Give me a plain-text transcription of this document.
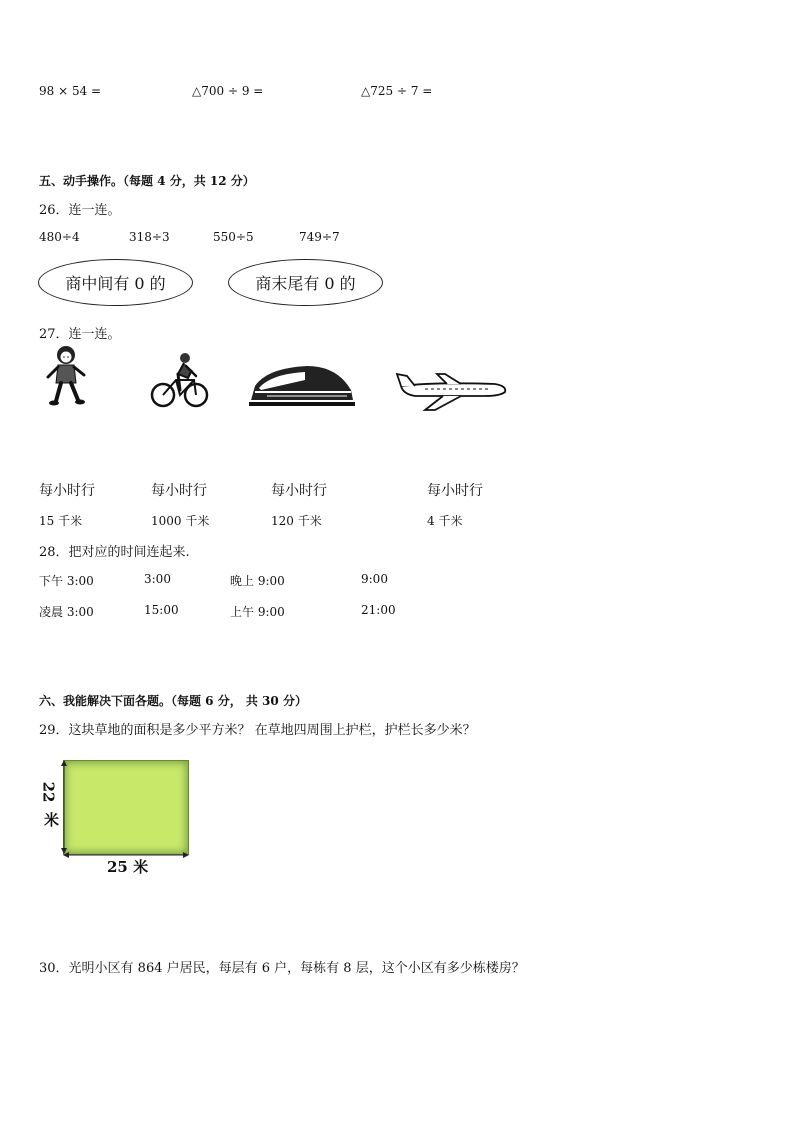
98 × 54 =	△700 ÷ 9 =	△725 ÷ 7 =
五、动手操作。（每题 4 分，共 12 分）
26．连一连。
480÷4	318÷3	550÷5	749÷7
商中间有 0 的	商末尾有 0 的
27．连一连。
每小时行	每小时行	每小时行	每小时行
15 千米	1000 千米	120 千米	4 千米
28．把对应的时间连起来.
下午 3:00	3:00	晚上 9:00	9:00
凌晨 3:00	15:00	上午 9:00	21:00
六、我能解决下面各题。（每题 6 分， 共 30 分）
29．这块草地的面积是多少平方米？ 在草地四周围上护栏，护栏长多少米？
22
米
25 米
30．光明小区有 864 户居民，每层有 6 户，每栋有 8 层，这个小区有多少栋楼房？
